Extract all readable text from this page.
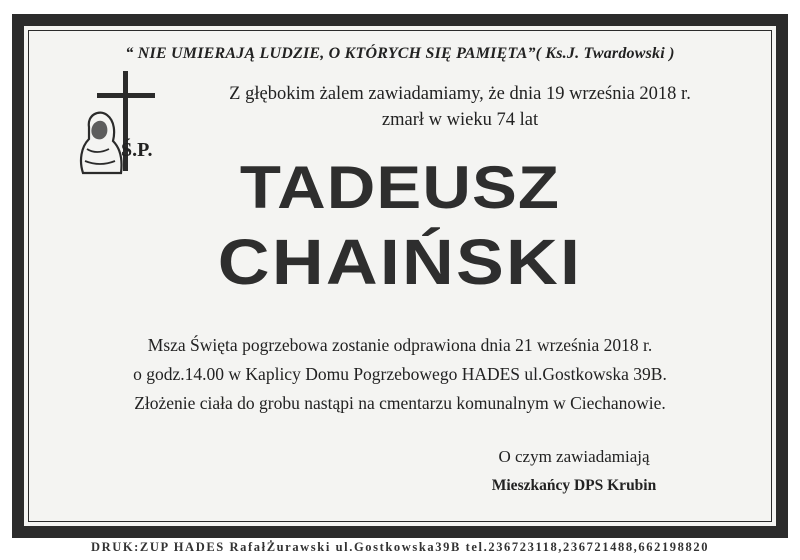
“ NIE UMIERAJĄ LUDZIE, O KTÓRYCH SIĘ PAMIĘTA”( Ks.J. Twardowski )
Ś.P.
Z głębokim żalem zawiadamiamy, że dnia 19 września 2018 r.
zmarł w wieku 74 lat
TADEUSZ
CHAIŃSKI
Msza Święta pogrzebowa zostanie odprawiona dnia 21 września 2018 r.
o godz.14.00 w Kaplicy Domu Pogrzebowego HADES ul.Gostkowska 39B.
Złożenie ciała do grobu nastąpi na cmentarzu komunalnym w Ciechanowie.
O czym zawiadamiają
Mieszkańcy DPS Krubin
DRUK:ZUP HADES RafałŻurawski ul.Gostkowska39B tel.236723118,236721488,662198820
